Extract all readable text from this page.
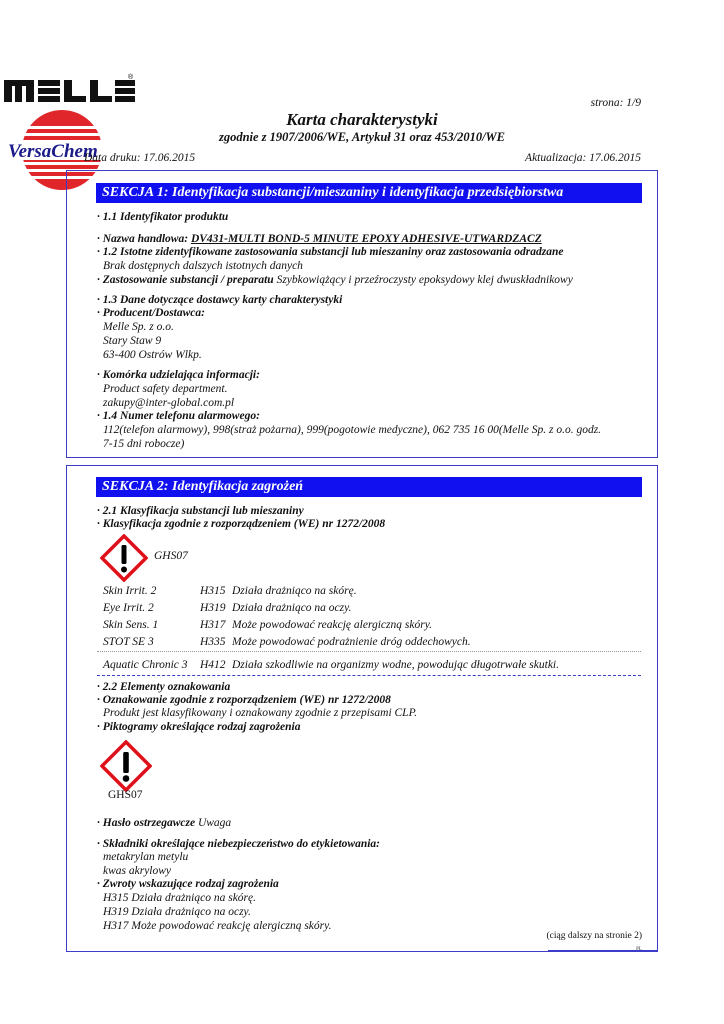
®
VersaChem
strona: 1/9
Karta charakterystyki
zgodnie z 1907/2006/WE, Artykuł 31 oraz 453/2010/WE
Data druku: 17.06.2015	Aktualizacja: 17.06.2015
SEKCJA 1: Identyfikacja substancji/mieszaniny i identyfikacja przedsiębiorstwa
· 1.1 Identyfikator produktu
· Nazwa handlowa: DV431-MULTI BOND-5 MINUTE EPOXY ADHESIVE-UTWARDZACZ
· 1.2 Istotne zidentyfikowane zastosowania substancji lub mieszaniny oraz zastosowania odradzane
Brak dostępnych dalszych istotnych danych
· Zastosowanie substancji / preparatu Szybkowiążący i przeźroczysty epoksydowy klej dwuskładnikowy
· 1.3 Dane dotyczące dostawcy karty charakterystyki
· Producent/Dostawca:
Melle Sp. z o.o.
Stary Staw 9
63-400 Ostrów Wlkp.
· Komórka udzielająca informacji:
Product safety department.
zakupy@inter-global.com.pl
· 1.4 Numer telefonu alarmowego:
112(telefon alarmowy), 998(straż pożarna), 999(pogotowie medyczne), 062 735 16 00(Melle Sp. z o.o. godz.
7-15 dni robocze)
SEKCJA 2: Identyfikacja zagrożeń
· 2.1 Klasyfikacja substancji lub mieszaniny
· Klasyfikacja zgodnie z rozporządzeniem (WE) nr 1272/2008
GHS07
Skin Irrit. 2	H315 Działa drażniąco na skórę.
Eye Irrit. 2	H319 Działa drażniąco na oczy.
Skin Sens. 1	H317 Może powodować reakcję alergiczną skóry.
STOT SE 3	H335 Może powodować podrażnienie dróg oddechowych.
Aquatic Chronic 3 H412 Działa szkodliwie na organizmy wodne, powodując długotrwałe skutki.
· 2.2 Elementy oznakowania
· Oznakowanie zgodnie z rozporządzeniem (WE) nr 1272/2008
Produkt jest klasyfikowany i oznakowany zgodnie z przepisami CLP.
· Piktogramy określające rodzaj zagrożenia
GHS07
· Hasło ostrzegawcze Uwaga
· Składniki określające niebezpieczeństwo do etykietowania:
metakrylan metylu
kwas akrylowy
· Zwroty wskazujące rodzaj zagrożenia
H315 Działa drażniąco na skórę.
H319 Działa drażniąco na oczy.
H317 Może powodować reakcję alergiczną skóry.
(ciąg dalszy na stronie 2)
PL
